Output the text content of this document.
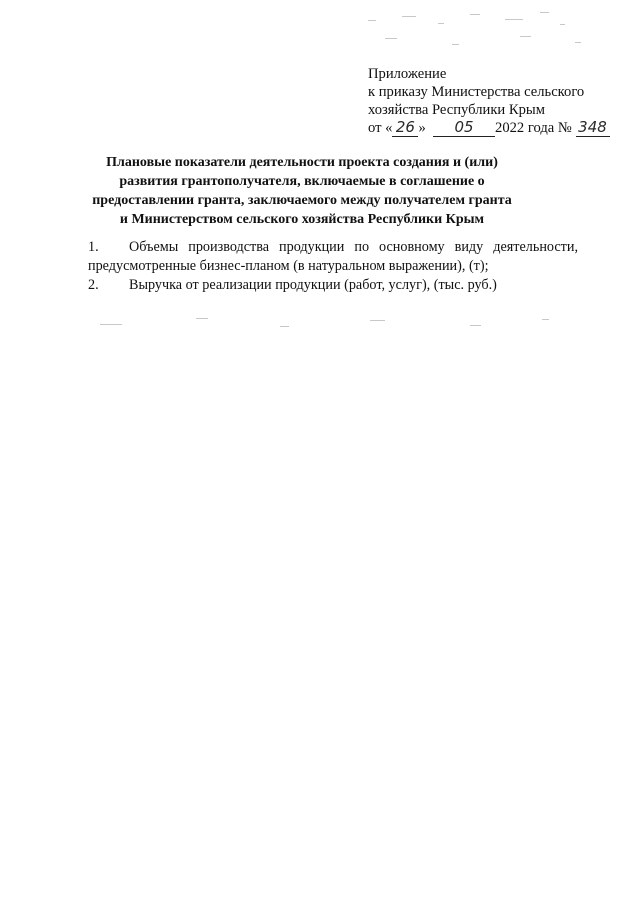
Приложение
к приказу Министерства сельского
хозяйства Республики Крым
от « 26 »	05	2022 года № 348
Плановые показатели деятельности проекта создания и (или) развития грантополучателя, включаемые в соглашение о предоставлении гранта, заключаемого между получателем гранта и Министерством сельского хозяйства Республики Крым
1.	Объемы производства продукции по основному виду деятельности, предусмотренные бизнес-планом (в натуральном выражении), (т);
2.	Выручка от реализации продукции (работ, услуг), (тыс. руб.)
